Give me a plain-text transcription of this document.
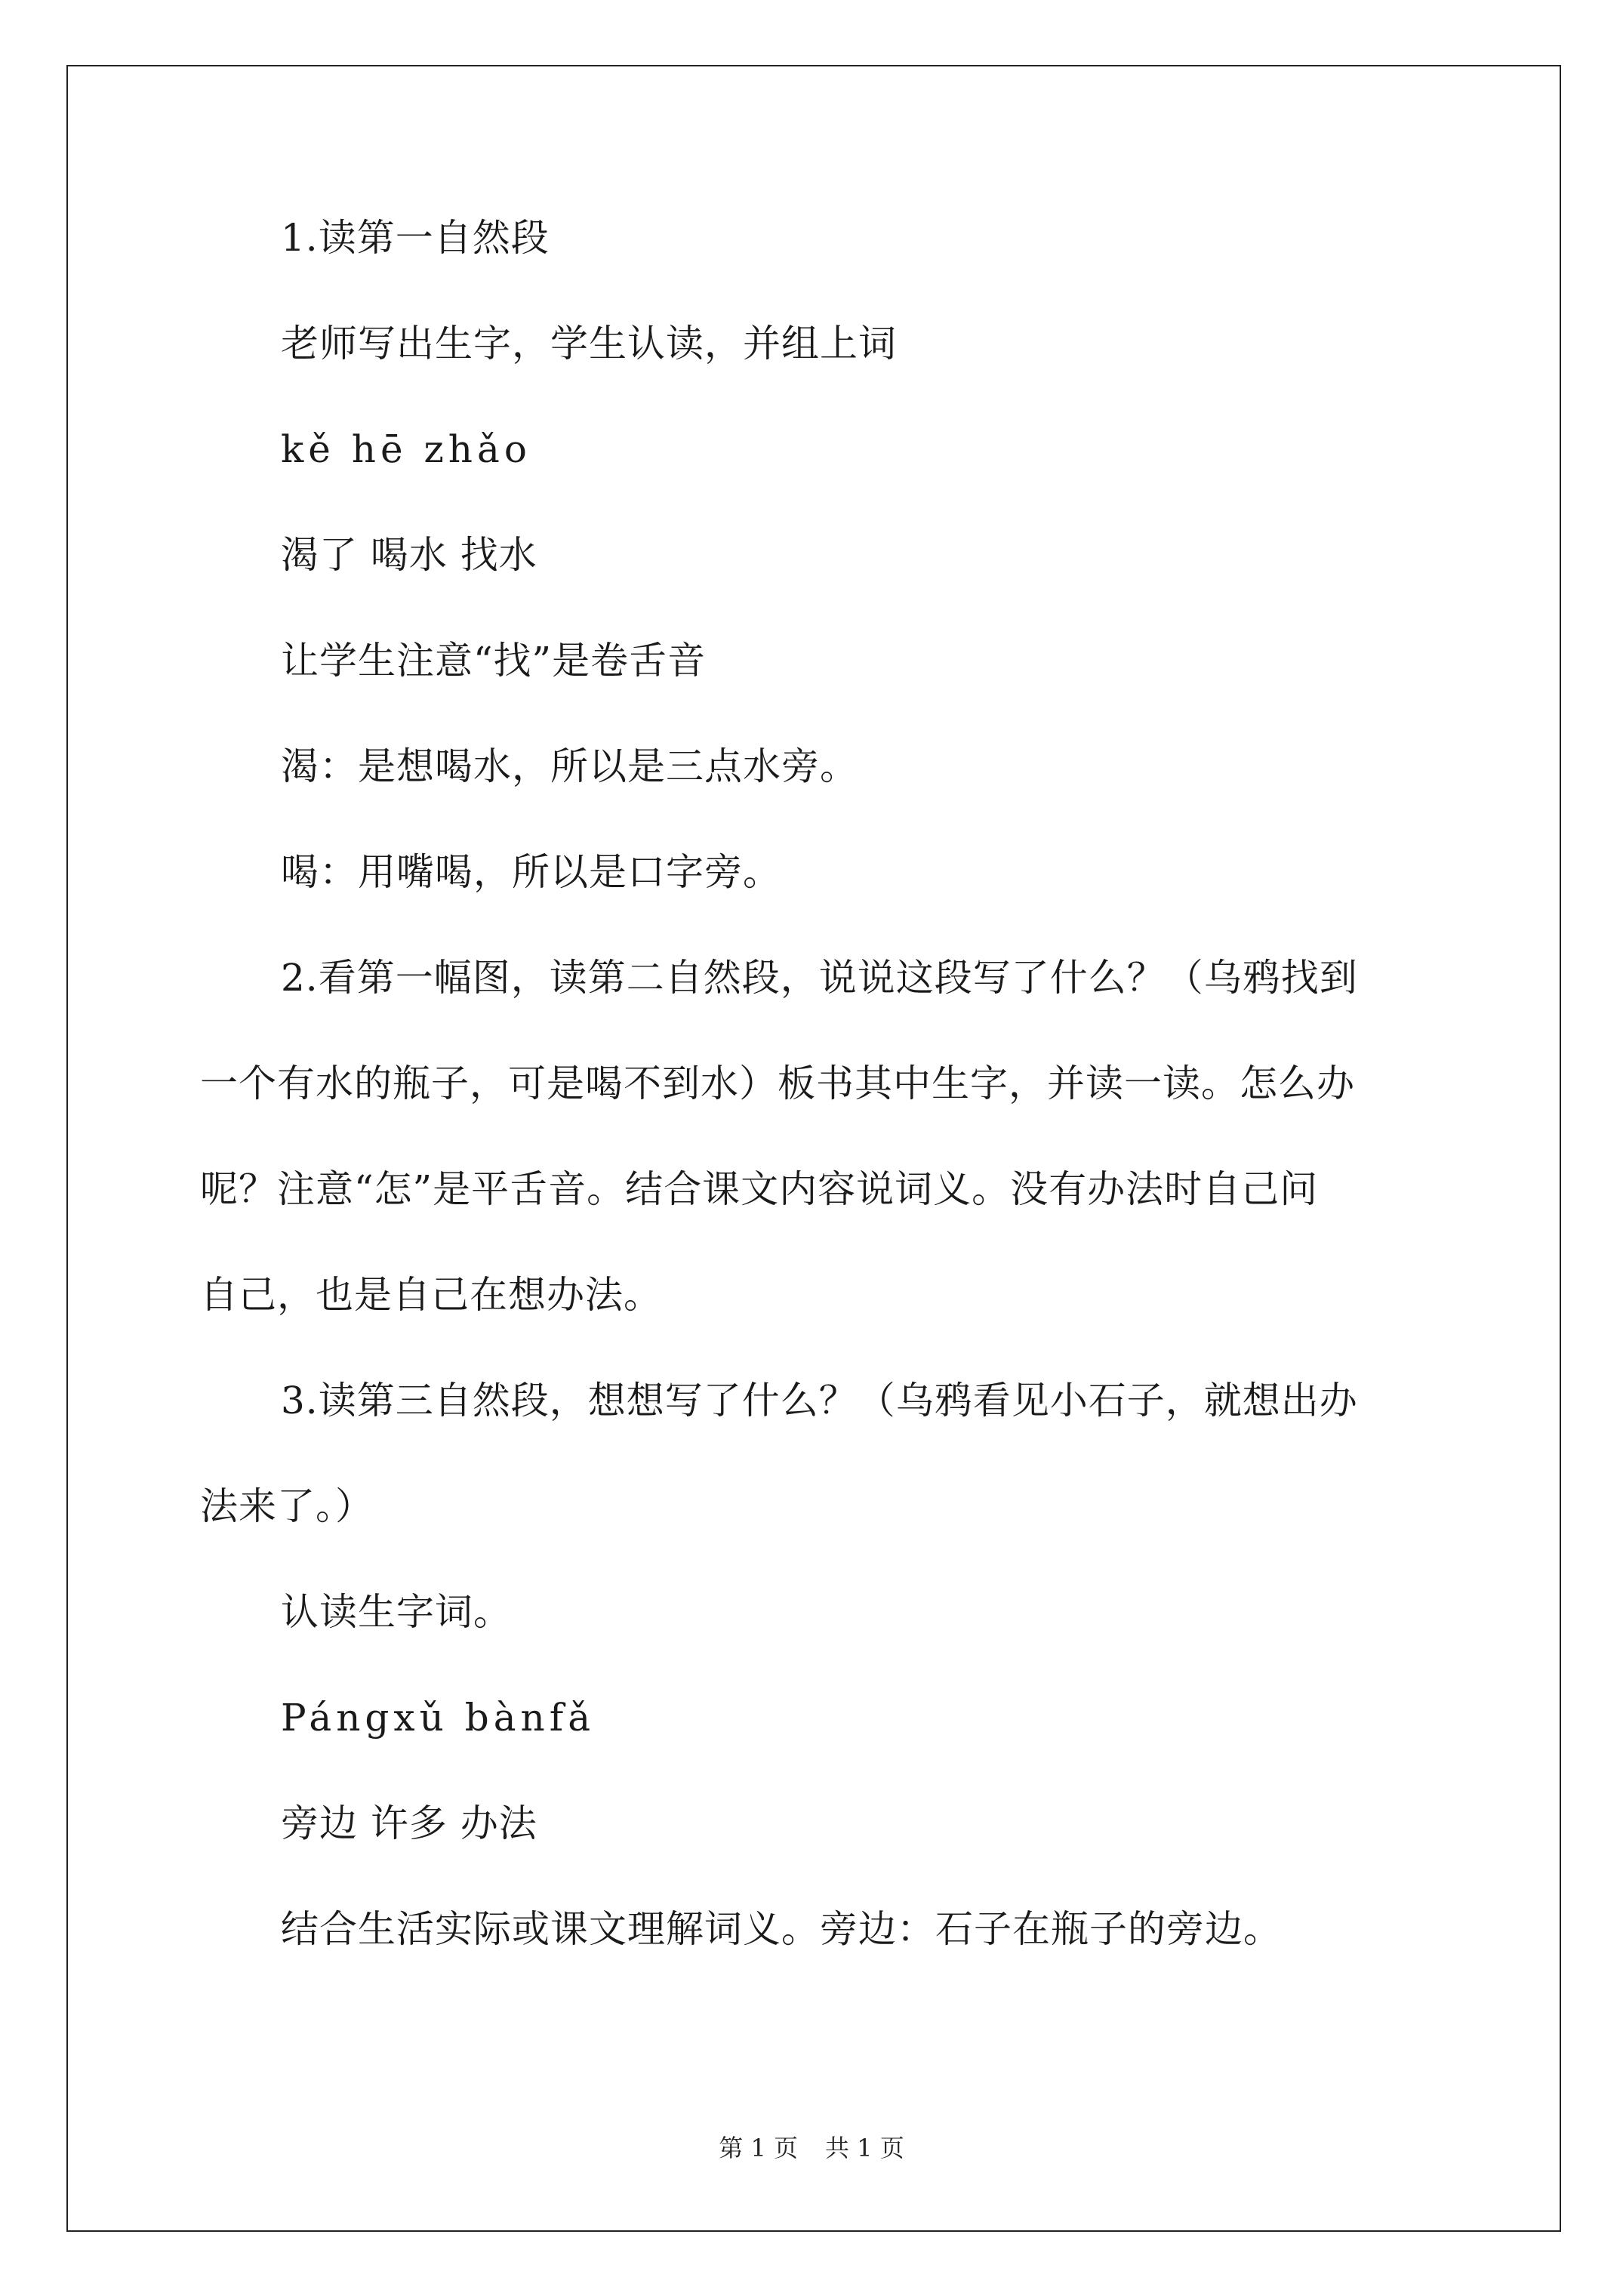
1.读第一自然段
老师写出生字，学生认读，并组上词
kě hē zhǎo
渴了 喝水 找水
让学生注意“找”是卷舌音
渴：是想喝水，所以是三点水旁。
喝：用嘴喝，所以是口字旁。
2.看第一幅图，读第二自然段，说说这段写了什么？（乌鸦找到
一个有水的瓶子，可是喝不到水）板书其中生字，并读一读。怎么办
呢？注意“怎”是平舌音。结合课文内容说词义。没有办法时自己问
自己，也是自己在想办法。
3.读第三自然段，想想写了什么？（乌鸦看见小石子，就想出办
法来了。）
认读生字词。
Pángxǔ bànfǎ
旁边 许多 办法
结合生活实际或课文理解词义。旁边：石子在瓶子的旁边。
第 1 页 共 1 页
